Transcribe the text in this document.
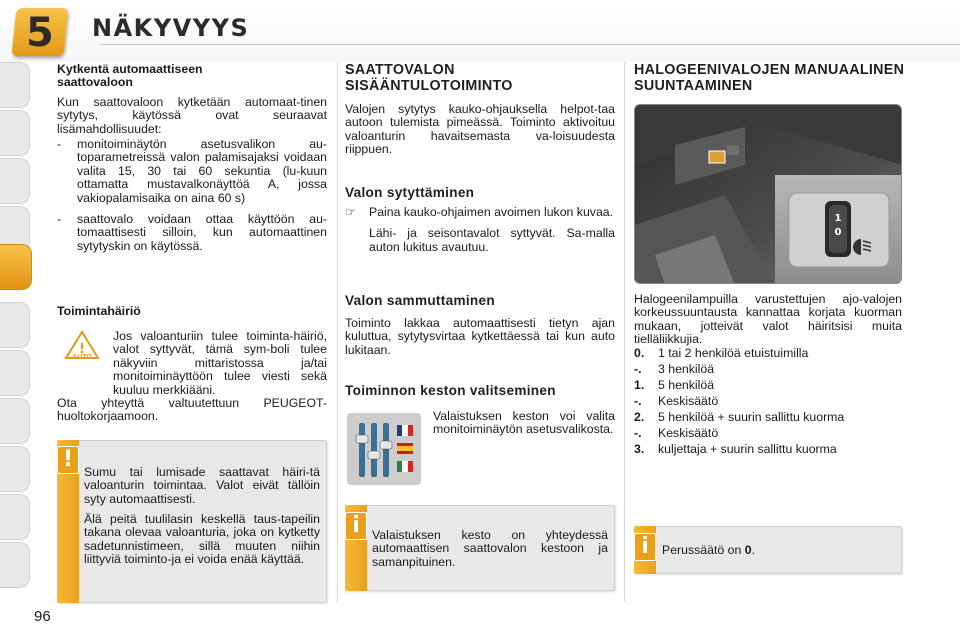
5	NÄKYVYYS
Kytkentä automaattiseen saattovaloon
Kun saattovaloon kytketään automaat-tinen sytytys, käytössä ovat seuraavat lisämahdollisuudet:
-	monitoiminäytön asetusvalikon au-toparametreissä valon palamisajaksi voidaan valita 15, 30 tai 60 sekuntia (lu-kuun ottamatta mustavalkonäyttöä A, jossa vakiopalamisaika on aina 60 s)
-	saattovalo voidaan ottaa käyttöön au-tomaattisesti silloin, kun automaattinen sytytyskin on käytössä.
Toimintahäiriö
!
AUTO
Jos valoanturiin tulee toiminta-häiriö, valot syttyvät, tämä sym-boli tulee näkyviin mittaristossa ja/tai monitoiminäyttöön tulee viesti sekä kuuluu merkkiääni.
Ota yhteyttä valtuutettuun PEUGEOT-huoltokorjaamoon.
! Sumu tai lumisade saattavat häiri-tä valoanturin toimintaa. Valot eivät tällöin syty automaattisesti.
Älä peitä tuulilasin keskellä taus-tapeilin takana olevaa valoanturia, joka on kytketty sadetunnistimeen, sillä muuten niihin liittyviä toiminto-ja ei voida enää käyttää.
96
SAATTOVALON SISÄÄNTULOTOIMINTO
Valojen sytytys kauko-ohjauksella helpot-taa autoon tulemista pimeässä. Toiminto aktivoituu valoanturin havaitsemasta va-loisuudesta riippuen.
Valon sytyttäminen
☞	Paina kauko-ohjaimen avoimen lukon kuvaa.
Lähi- ja seisontavalot syttyvät. Sa-malla auton lukitus avautuu.
Valon sammuttaminen
Toiminto lakkaa automaattisesti tietyn ajan kuluttua, sytytysvirtaa kytkettäessä tai kun auto lukitaan.
Toiminnon keston valitseminen
Valaistuksen keston voi valita monitoiminäytön asetusvalikosta.
i Valaistuksen kesto on yhteydessä automaattisen saattovalon kestoon ja samanpituinen.
HALOGEENIVALOJEN MANUAALINEN SUUNTAAMINEN
1
0
Halogeenilampuilla varustettujen ajo-valojen korkeussuuntausta kannattaa korjata kuorman mukaan, jotteivät valot häiritsisi muita tielläliikkujia.
0.	1 tai 2 henkilöä etuistuimilla
-.	3 henkilöä
1.	5 henkilöä
-.	Keskisäätö
2.	5 henkilöä + suurin sallittu kuorma
-.	Keskisäätö
3.	kuljettaja + suurin sallittu kuorma
i	Perussäätö on 0.
